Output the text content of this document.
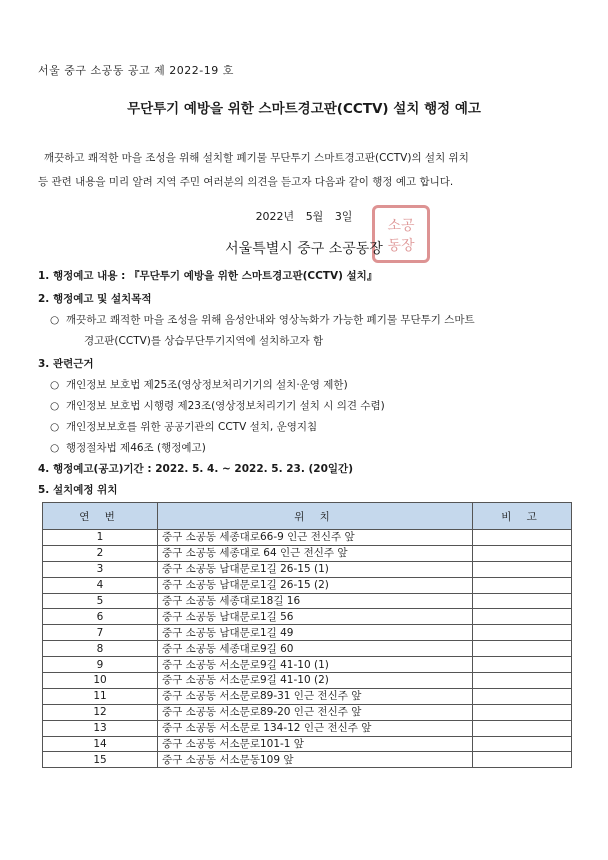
서울 중구 소공동 공고 제 2022-19 호
무단투기 예방을 위한 스마트경고판(CCTV) 설치 행정 예고
깨끗하고 쾌적한 마을 조성을 위해 설치할 폐기물 무단투기 스마트경고판(CCTV)의 설치 위치
등 관련 내용을 미리 알려 지역 주민 여러분의 의견을 듣고자 다음과 같이 행정 예고 합니다.
2022년 5월 3일
소공
동장
서울특별시 중구 소공동장
1. 행정예고 내용 : 『무단투기 예방을 위한 스마트경고판(CCTV) 설치』
2. 행정예고 및 설치목적
○ 깨끗하고 쾌적한 마을 조성을 위해 음성안내와 영상녹화가 가능한 폐기물 무단투기 스마트
경고판(CCTV)를 상습무단투기지역에 설치하고자 함
3. 관련근거
○ 개인정보 보호법 제25조(영상정보처리기기의 설치·운영 제한)
○ 개인정보 보호법 시행령 제23조(영상정보처리기기 설치 시 의견 수렴)
○ 개인정보보호를 위한 공공기관의 CCTV 설치, 운영지침
○ 행정절차법 제46조 (행정예고)
4. 행정예고(공고)기간 : 2022. 5. 4. ~ 2022. 5. 23. (20일간)
5. 설치예정 위치
연 번	위 치	비 고
1	중구 소공동 세종대로66-9 인근 전신주 앞	
2	중구 소공동 세종대로 64 인근 전신주 앞	
3	중구 소공동 남대문로1길 26-15 (1)	
4	중구 소공동 남대문로1길 26-15 (2)	
5	중구 소공동 세종대로18길 16	
6	중구 소공동 남대문로1길 56	
7	중구 소공동 남대문로1길 49	
8	중구 소공동 세종대로9길 60	
9	중구 소공동 서소문로9길 41-10 (1)	
10	중구 소공동 서소문로9길 41-10 (2)	
11	중구 소공동 서소문로89-31 인근 전신주 앞	
12	중구 소공동 서소문로89-20 인근 전신주 앞	
13	중구 소공동 서소문로 134-12 인근 전신주 앞	
14	중구 소공동 서소문로101-1 앞	
15	중구 소공동 서소문동109 앞	
